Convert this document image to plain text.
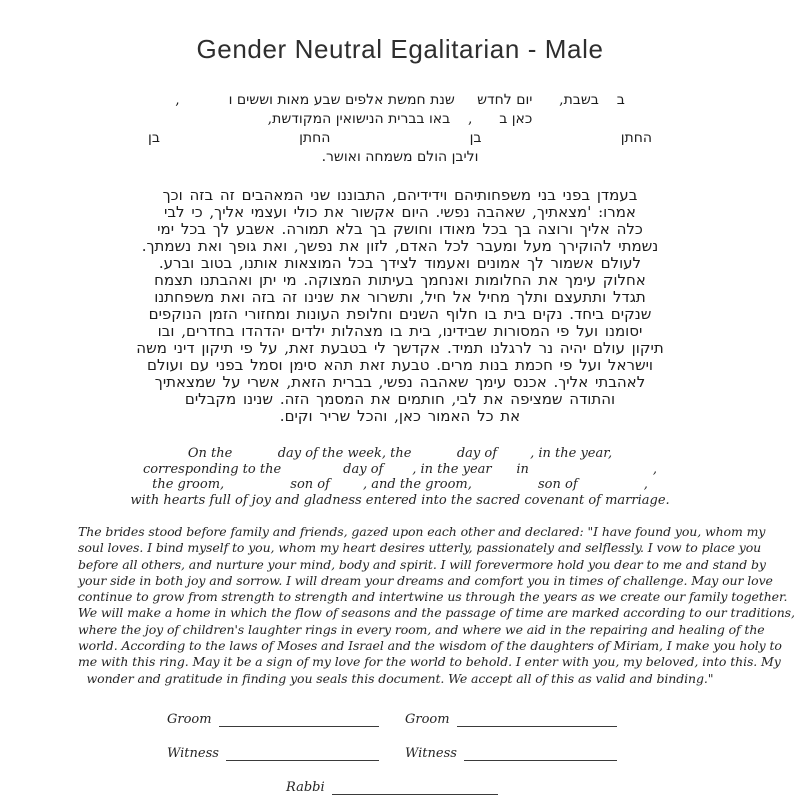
Gender Neutral Egalitarian - Male
ב    בשבת,      יום לחדש     שנת חמשת אלפים שבע מאות וששים ו           ,
כאן ב      ,    באו בברית הנישואין המקודשת,
החתן
בן
החתן
בן
וליבן הולם משמחה ואושר.
בעמדן בפני בני משפחותיהם וידידיהם, התבוננו שני המאהבים זה בזה וכך
אמרו: 'מצאתיך, שאהבה נפשי. היום אקשור את כולי ועצמי אליך, כי לבי
כלה אליך ורוצה בך בכל מאודו וחושק בך בלא תמורה. אשבע לך בכל ימי
נשמתי להוקירך מעל ומעבר לכל האדם, לזון את נפשך, ואת גופך ואת נשמתך.
לעולם אשמור לך אמונים ואעמוד לצידך בכל המוצאות אותנו, בטוב וברע.
אחלוק עימך את החלומות ואנחמך בעיתות המצוקה. מי יתן ואהבתנו תצמח
תגדל ותתעצם ותלך מחיל אל חיל, ותשרור את שנינו זה בזה ואת משפחתנו
שנקים ביחד. נקים בית בו חלוף השנים וחלופת העונות ומחזורי הזמן הנוקפים
יסומנו ועל פי המסורות שבידינו, בית בו מצהלות ילדים יהדהדו בחדרים, ובו
תיקון עולם יהיה נר לרגלנו תמיד. אקדשך לי בטבעת זאת, על פי תיקון דיני משה
וישראל ועל פי חכמת בנות מרים. טבעת זאת תהא סימן וסמל בפני עם ועולם
לאהבתי אליך. אכנס עימך שאהבה נפשי, בברית הזאת, אשרי על שמצאתיך
והתודה שמציפה את לבי, חותמים את המסמך הזה. שנינו מקבלים
את כל האמור כאן, והכל שריר וקים.
On the           day of the week, the           day of        , in the year,
corresponding to the               day of       , in the year      in                              ,
the groom,                son of        , and the groom,                son of                ,
with hearts full of joy and gladness entered into the sacred covenant of marriage.
The brides stood before family and friends, gazed upon each other and declared: "I have found you, whom my
soul loves. I bind myself to you, whom my heart desires utterly, passionately and selflessly. I vow to place you
before all others, and nurture your mind, body and spirit. I will forevermore hold you dear to me and stand by
your side in both joy and sorrow. I will dream your dreams and comfort you in times of challenge. May our love
continue to grow from strength to strength and intertwine us through the years as we create our family together.
We will make a home in which the flow of seasons and the passage of time are marked according to our traditions,
where the joy of children's laughter rings in every room, and where we aid in the repairing and healing of the
world. According to the laws of Moses and Israel and the wisdom of the daughters of Miriam, I make you holy to
me with this ring. May it be a sign of my love for the world to behold. I enter with you, my beloved, into this. My
wonder and gratitude in finding you seals this document. We accept all of this as valid and binding."
Groom	Groom
Witness	Witness
Rabbi
